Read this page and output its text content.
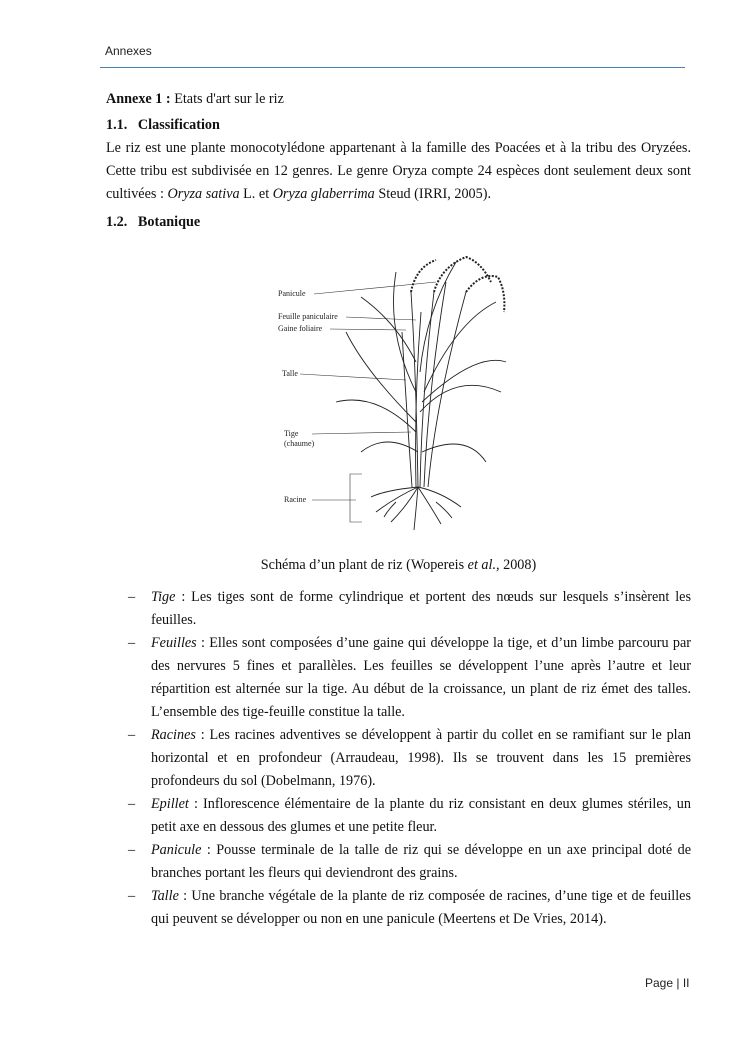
Annexes

Annexe 1 : Etats d'art sur le riz

1.1. Classification

Le riz est une plante monocotylédone appartenant à la famille des Poacées et à la tribu des Oryzées. Cette tribu est subdivisée en 12 genres. Le genre Oryza compte 24 espèces dont seulement deux sont cultivées : Oryza sativa L. et Oryza glaberrima Steud (IRRI, 2005).

1.2. Botanique
Panicule
Feuille paniculaire
Gaine foliaire
Talle
Tige
(chaume)
Racine
Schéma d’un plant de riz (Wopereis et al., 2008)
– Tige : Les tiges sont de forme cylindrique et portent des nœuds sur lesquels s’insèrent les feuilles.
– Feuilles : Elles sont composées d’une gaine qui développe la tige, et d’un limbe parcouru par des nervures 5 fines et parallèles. Les feuilles se développent l’une après l’autre et leur répartition est alternée sur la tige. Au début de la croissance, un plant de riz émet des talles. L’ensemble des tige-feuille constitue la talle.
– Racines : Les racines adventives se développent à partir du collet en se ramifiant sur le plan horizontal et en profondeur (Arraudeau, 1998). Ils se trouvent dans les 15 premières profondeurs du sol (Dobelmann, 1976).
– Epillet : Inflorescence élémentaire de la plante du riz consistant en deux glumes stériles, un petit axe en dessous des glumes et une petite fleur.
– Panicule : Pousse terminale de la talle de riz qui se développe en un axe principal doté de branches portant les fleurs qui deviendront des grains.
– Talle : Une branche végétale de la plante de riz composée de racines, d’une tige et de feuilles qui peuvent se développer ou non en une panicule (Meertens et De Vries, 2014).
Page | II
